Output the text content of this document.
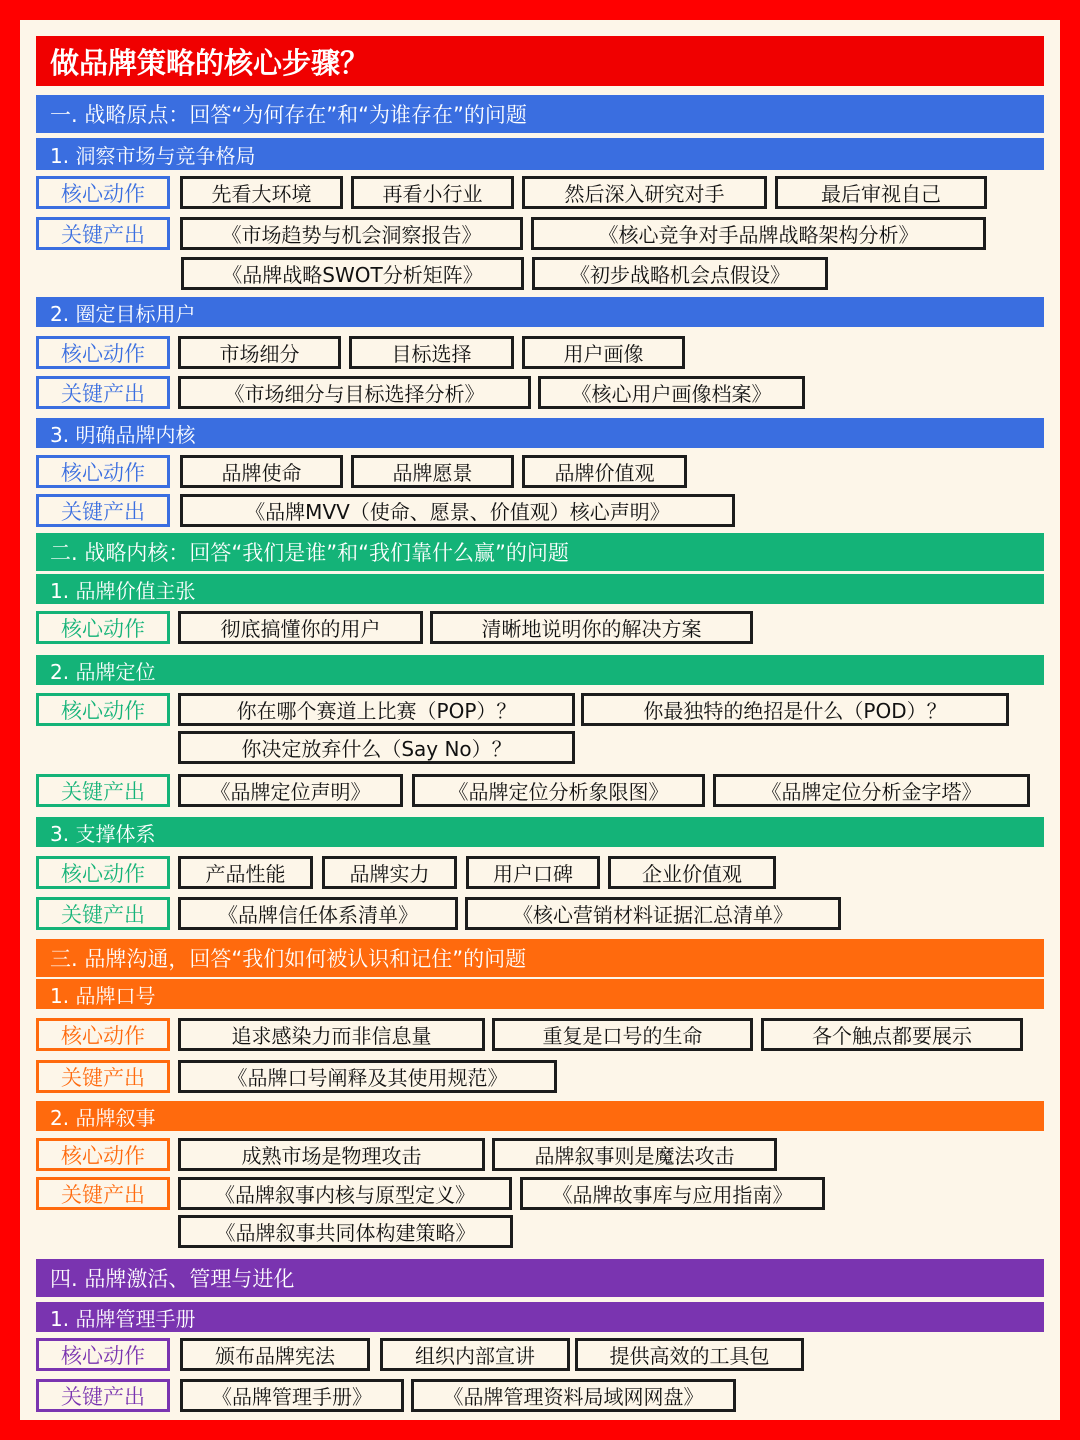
做品牌策略的核心步骤？
一. 战略原点：回答“为何存在”和“为谁存在”的问题
1. 洞察市场与竞争格局
核心动作	先看大环境	再看小行业	然后深入研究对手	最后审视自己
关键产出	《市场趋势与机会洞察报告》	《核心竞争对手品牌战略架构分析》
《品牌战略SWOT分析矩阵》	《初步战略机会点假设》
2. 圈定目标用户
核心动作	市场细分	目标选择	用户画像
关键产出	《市场细分与目标选择分析》	《核心用户画像档案》
3. 明确品牌内核
核心动作	品牌使命	品牌愿景	品牌价值观
关键产出	《品牌MVV（使命、愿景、价值观）核心声明》
二. 战略内核：回答“我们是谁”和“我们靠什么赢”的问题
1. 品牌价值主张
核心动作	彻底搞懂你的用户	清晰地说明你的解决方案
2. 品牌定位
核心动作	你在哪个赛道上比赛（POP）？	你最独特的绝招是什么（POD）？
你决定放弃什么（Say No）？
关键产出	《品牌定位声明》	《品牌定位分析象限图》	《品牌定位分析金字塔》
3. 支撑体系
核心动作	产品性能	品牌实力	用户口碑	企业价值观
关键产出	《品牌信任体系清单》	《核心营销材料证据汇总清单》
三. 品牌沟通，回答“我们如何被认识和记住”的问题
1. 品牌口号
核心动作	追求感染力而非信息量	重复是口号的生命	各个触点都要展示
关键产出	《品牌口号阐释及其使用规范》
2. 品牌叙事
核心动作	成熟市场是物理攻击	品牌叙事则是魔法攻击
关键产出	《品牌叙事内核与原型定义》	《品牌故事库与应用指南》
《品牌叙事共同体构建策略》
四. 品牌激活、管理与进化
1. 品牌管理手册
核心动作	颁布品牌宪法	组织内部宣讲	提供高效的工具包
关键产出	《品牌管理手册》	《品牌管理资料局域网网盘》
